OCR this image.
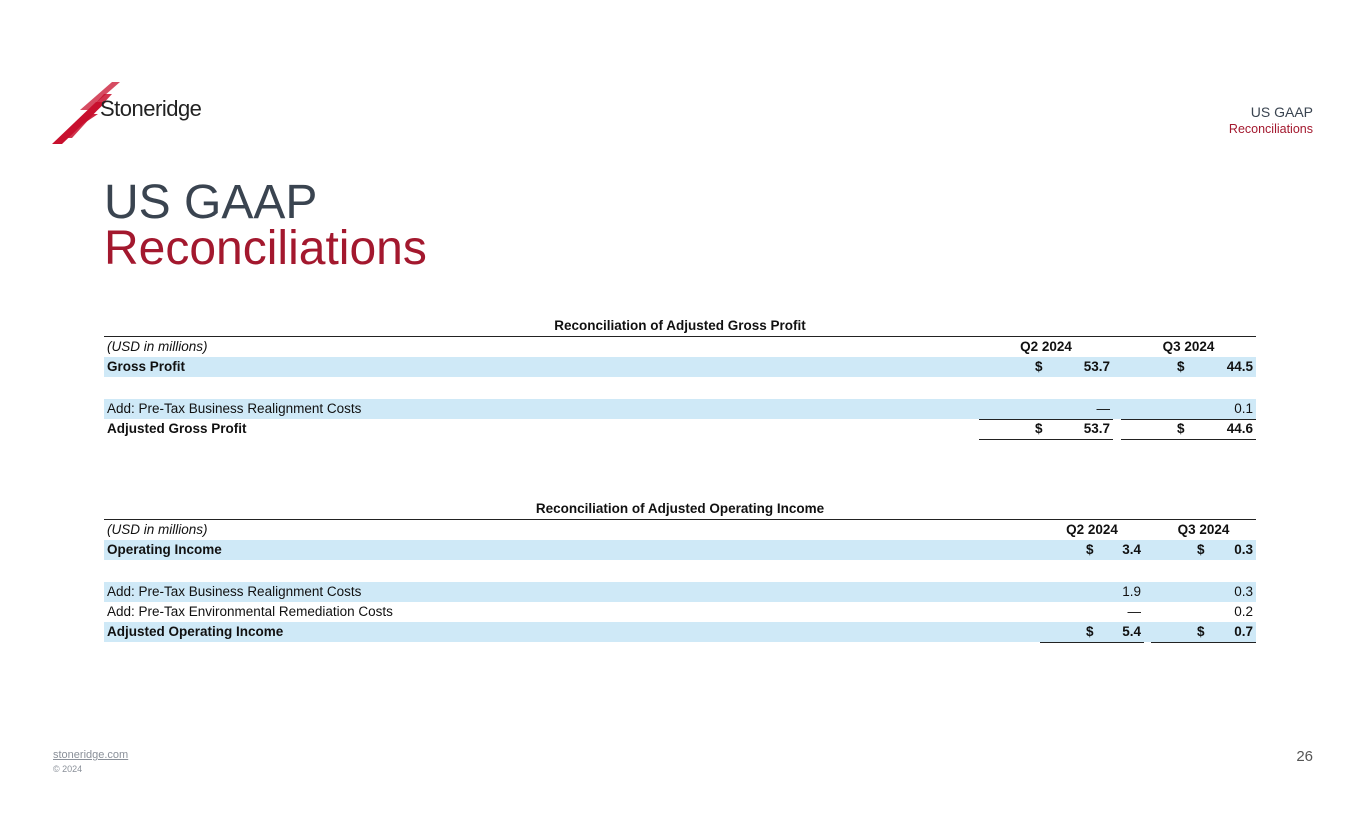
Stoneridge	US GAAP
Reconciliations
US GAAP
Reconciliations
Reconciliation of Adjusted Gross Profit
(USD in millions)	Q2 2024	Q3 2024
Gross Profit	$	53.7	$	44.5
Add: Pre-Tax Business Realignment Costs	—	0.1
Adjusted Gross Profit	$	53.7	$	44.6
Reconciliation of Adjusted Operating Income
(USD in millions)	Q2 2024	Q3 2024
Operating Income	$ 3.4	$ 0.3
Add: Pre-Tax Business Realignment Costs	1.9	0.3
Add: Pre-Tax Environmental Remediation Costs	—	0.2
Adjusted Operating Income	$ 5.4	$ 0.7
stoneridge.com
© 2024
26
